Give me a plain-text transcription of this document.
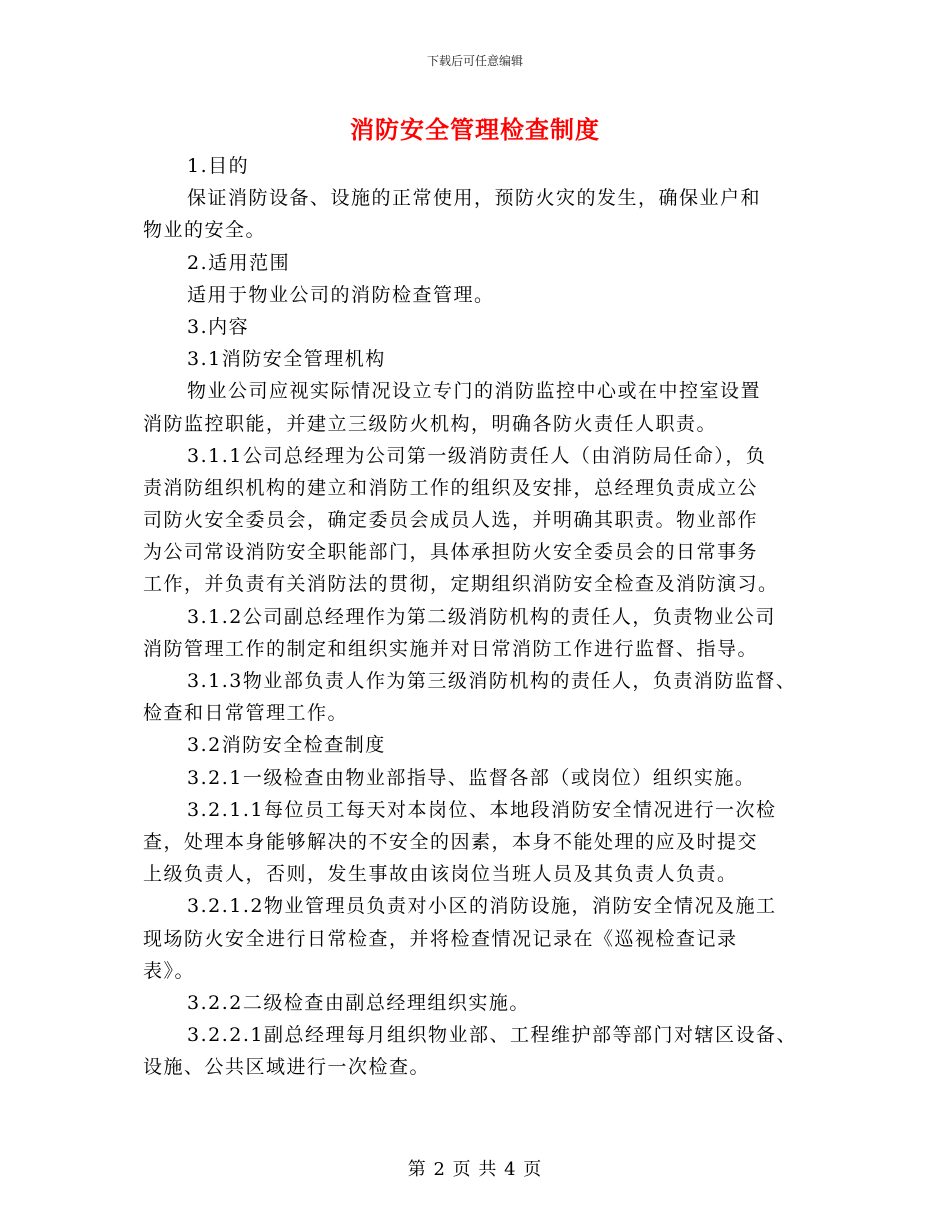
下载后可任意编辑
消防安全管理检查制度
1.目的
保证消防设备、设施的正常使用，预防火灾的发生，确保业户和
物业的安全。
2.适用范围
适用于物业公司的消防检查管理。
3.内容
3.1消防安全管理机构
物业公司应视实际情况设立专门的消防监控中心或在中控室设置
消防监控职能，并建立三级防火机构，明确各防火责任人职责。
3.1.1公司总经理为公司第一级消防责任人（由消防局任命），负
责消防组织机构的建立和消防工作的组织及安排，总经理负责成立公
司防火安全委员会，确定委员会成员人选，并明确其职责。物业部作
为公司常设消防安全职能部门，具体承担防火安全委员会的日常事务
工作，并负责有关消防法的贯彻，定期组织消防安全检查及消防演习。
3.1.2公司副总经理作为第二级消防机构的责任人，负责物业公司
消防管理工作的制定和组织实施并对日常消防工作进行监督、指导。
3.1.3物业部负责人作为第三级消防机构的责任人，负责消防监督、
检查和日常管理工作。
3.2消防安全检查制度
3.2.1一级检查由物业部指导、监督各部（或岗位）组织实施。
3.2.1.1每位员工每天对本岗位、本地段消防安全情况进行一次检
查，处理本身能够解决的不安全的因素，本身不能处理的应及时提交
上级负责人，否则，发生事故由该岗位当班人员及其负责人负责。
3.2.1.2物业管理员负责对小区的消防设施，消防安全情况及施工
现场防火安全进行日常检查，并将检查情况记录在《巡视检查记录
表》。
3.2.2二级检查由副总经理组织实施。
3.2.2.1副总经理每月组织物业部、工程维护部等部门对辖区设备、
设施、公共区域进行一次检查。
第 2 页 共 4 页
